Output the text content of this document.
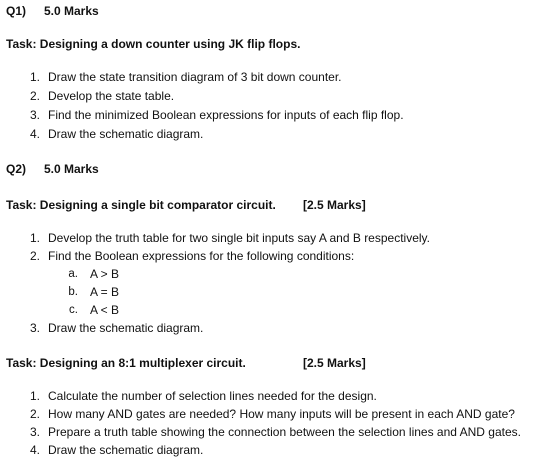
Q1) 5.0 Marks
Task: Designing a down counter using JK flip flops.
1. Draw the state transition diagram of 3 bit down counter.
2. Develop the state table.
3. Find the minimized Boolean expressions for inputs of each flip flop.
4. Draw the schematic diagram.
Q2) 5.0 Marks
Task: Designing a single bit comparator circuit. [2.5 Marks]
1. Develop the truth table for two single bit inputs say A and B respectively.
2. Find the Boolean expressions for the following conditions:
a. A > B
b. A = B
c. A < B
3. Draw the schematic diagram.
Task: Designing an 8:1 multiplexer circuit.	[2.5 Marks]
1. Calculate the number of selection lines needed for the design.
2. How many AND gates are needed? How many inputs will be present in each AND gate?
3. Prepare a truth table showing the connection between the selection lines and AND gates.
4. Draw the schematic diagram.
